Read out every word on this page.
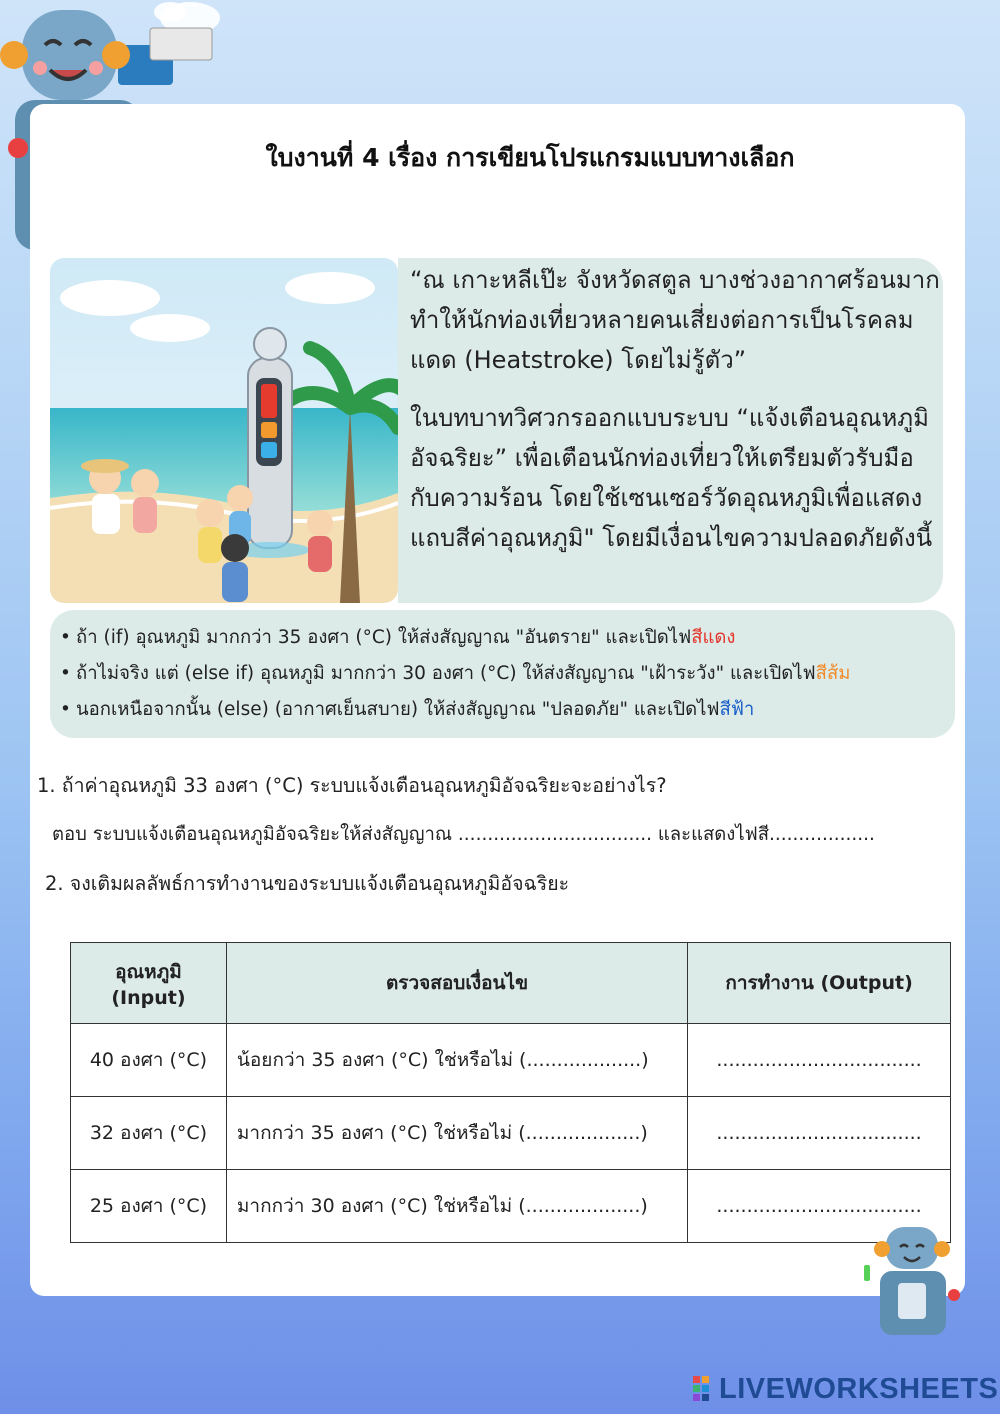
ใบงานที่ 4 เรื่อง การเขียนโปรแกรมแบบทางเลือก

“ณ เกาะหลีเป๊ะ จังหวัดสตูล บางช่วงอากาศร้อนมาก ทำให้นักท่องเที่ยวหลายคนเสี่ยงต่อการเป็นโรคลมแดด (Heatstroke) โดยไม่รู้ตัว”

ในบทบาทวิศวกรออกแบบระบบ “แจ้งเตือนอุณหภูมิอัจฉริยะ” เพื่อเตือนนักท่องเที่ยวให้เตรียมตัวรับมือกับความร้อน โดยใช้เซนเซอร์วัดอุณหภูมิเพื่อแสดงแถบสีค่าอุณหภูมิ" โดยมีเงื่อนไขความปลอดภัยดังนี้

• ถ้า (if) อุณหภูมิ มากกว่า 35 องศา (°C) ให้ส่งสัญญาณ "อันตราย" และเปิดไฟสีแดง
• ถ้าไม่จริง แต่ (else if) อุณหภูมิ มากกว่า 30 องศา (°C) ให้ส่งสัญญาณ "เฝ้าระวัง" และเปิดไฟสีส้ม
• นอกเหนือจากนั้น (else) (อากาศเย็นสบาย) ให้ส่งสัญญาณ "ปลอดภัย" และเปิดไฟสีฟ้า
1. ถ้าค่าอุณหภูมิ 33 องศา (°C) ระบบแจ้งเตือนอุณหภูมิอัจฉริยะจะอย่างไร?
ตอบ ระบบแจ้งเตือนอุณหภูมิอัจฉริยะให้ส่งสัญญาณ ................................. และแสดงไฟสี..................
2. จงเติมผลลัพธ์การทำงานของระบบแจ้งเตือนอุณหภูมิอัจฉริยะ
อุณหภูมิ (Input)	ตรวจสอบเงื่อนไข	การทำงาน (Output)
40 องศา (°C)	น้อยกว่า 35 องศา (°C) ใช่หรือไม่ (...................)	..................................
32 องศา (°C)	มากกว่า 35 องศา (°C) ใช่หรือไม่ (...................)	..................................
25 องศา (°C)	มากกว่า 30 องศา (°C) ใช่หรือไม่ (...................)	..................................
LIVEWORKSHEETS
